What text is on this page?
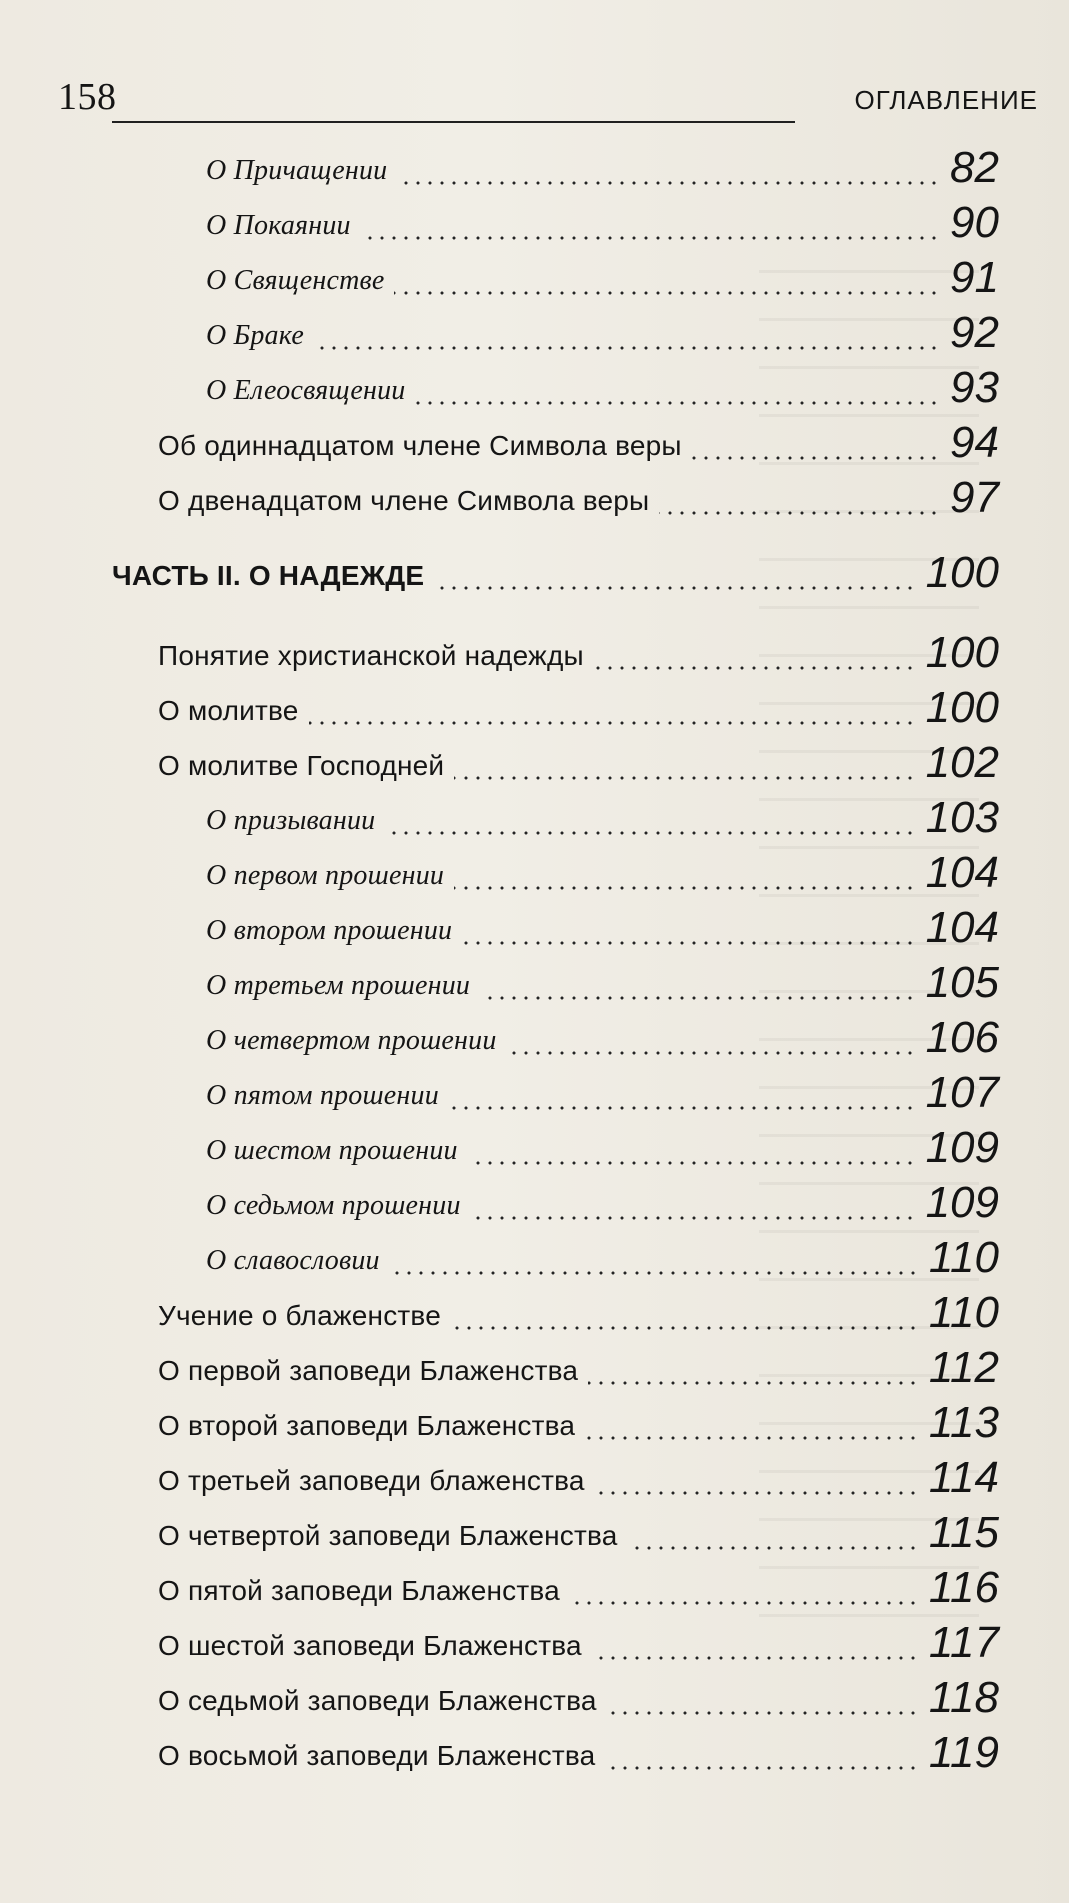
158	ОГЛАВЛЕНИЕ
О Причащении	82
О Покаянии	90
О Священстве	91
О Браке	92
О Елеосвящении	93
Об одиннадцатом члене Символа веры	94
О двенадцатом члене Символа веры	97
ЧАСТЬ II. О НАДЕЖДЕ	100
Понятие христианской надежды	100
О молитве	100
О молитве Господней	102
О призывании	103
О первом прошении	104
О втором прошении	104
О третьем прошении	105
О четвертом прошении	106
О пятом прошении	107
О шестом прошении	109
О седьмом прошении	109
О славословии	110
Учение о блаженстве	110
О первой заповеди Блаженства	112
О второй заповеди Блаженства	113
О третьей заповеди блаженства	114
О четвертой заповеди Блаженства	115
О пятой заповеди Блаженства	116
О шестой заповеди Блаженства	117
О седьмой заповеди Блаженства	118
О восьмой заповеди Блаженства	119
